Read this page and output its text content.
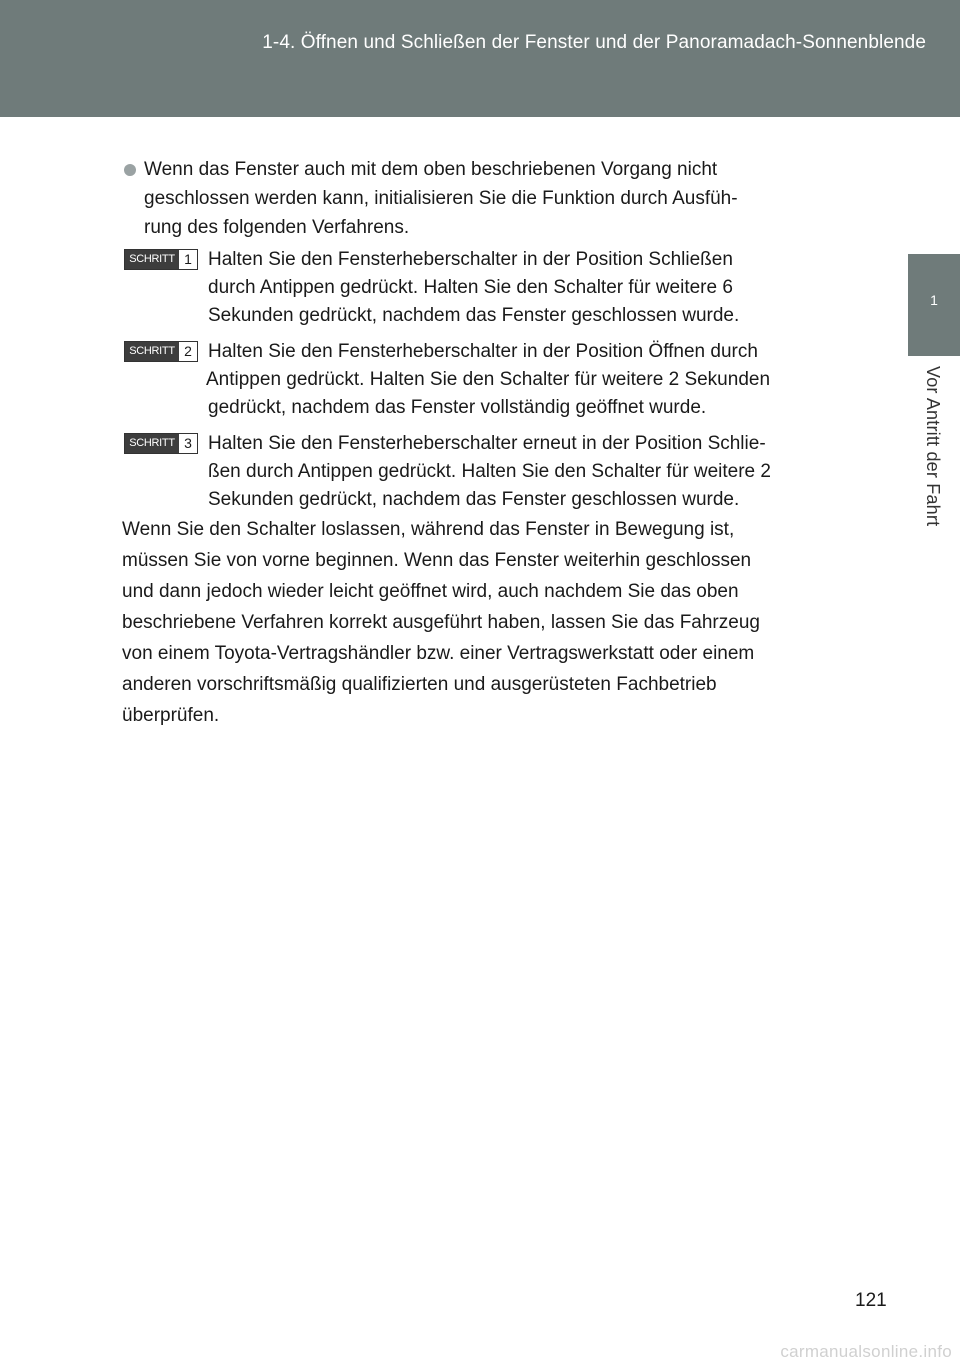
1-4. Öffnen und Schließen der Fenster und der Panoramadach-Sonnenblende
1
Vor Antritt der Fahrt
Wenn das Fenster auch mit dem oben beschriebenen Vorgang nicht
geschlossen werden kann, initialisieren Sie die Funktion durch Ausfüh-
rung des folgenden Verfahrens.
SCHRITT 1 Halten Sie den Fensterheberschalter in der Position Schließen
durch Antippen gedrückt. Halten Sie den Schalter für weitere 6
Sekunden gedrückt, nachdem das Fenster geschlossen wurde.
SCHRITT 2 Halten Sie den Fensterheberschalter in der Position Öffnen durch
Antippen gedrückt. Halten Sie den Schalter für weitere 2 Sekunden
gedrückt, nachdem das Fenster vollständig geöffnet wurde.
SCHRITT 3 Halten Sie den Fensterheberschalter erneut in der Position Schlie-
ßen durch Antippen gedrückt. Halten Sie den Schalter für weitere 2
Sekunden gedrückt, nachdem das Fenster geschlossen wurde.
Wenn Sie den Schalter loslassen, während das Fenster in Bewegung ist,
müssen Sie von vorne beginnen. Wenn das Fenster weiterhin geschlossen
und dann jedoch wieder leicht geöffnet wird, auch nachdem Sie das oben
beschriebene Verfahren korrekt ausgeführt haben, lassen Sie das Fahrzeug
von einem Toyota-Vertragshändler bzw. einer Vertragswerkstatt oder einem
anderen vorschriftsmäßig qualifizierten und ausgerüsteten Fachbetrieb
überprüfen.
121
carmanualsonline.info
